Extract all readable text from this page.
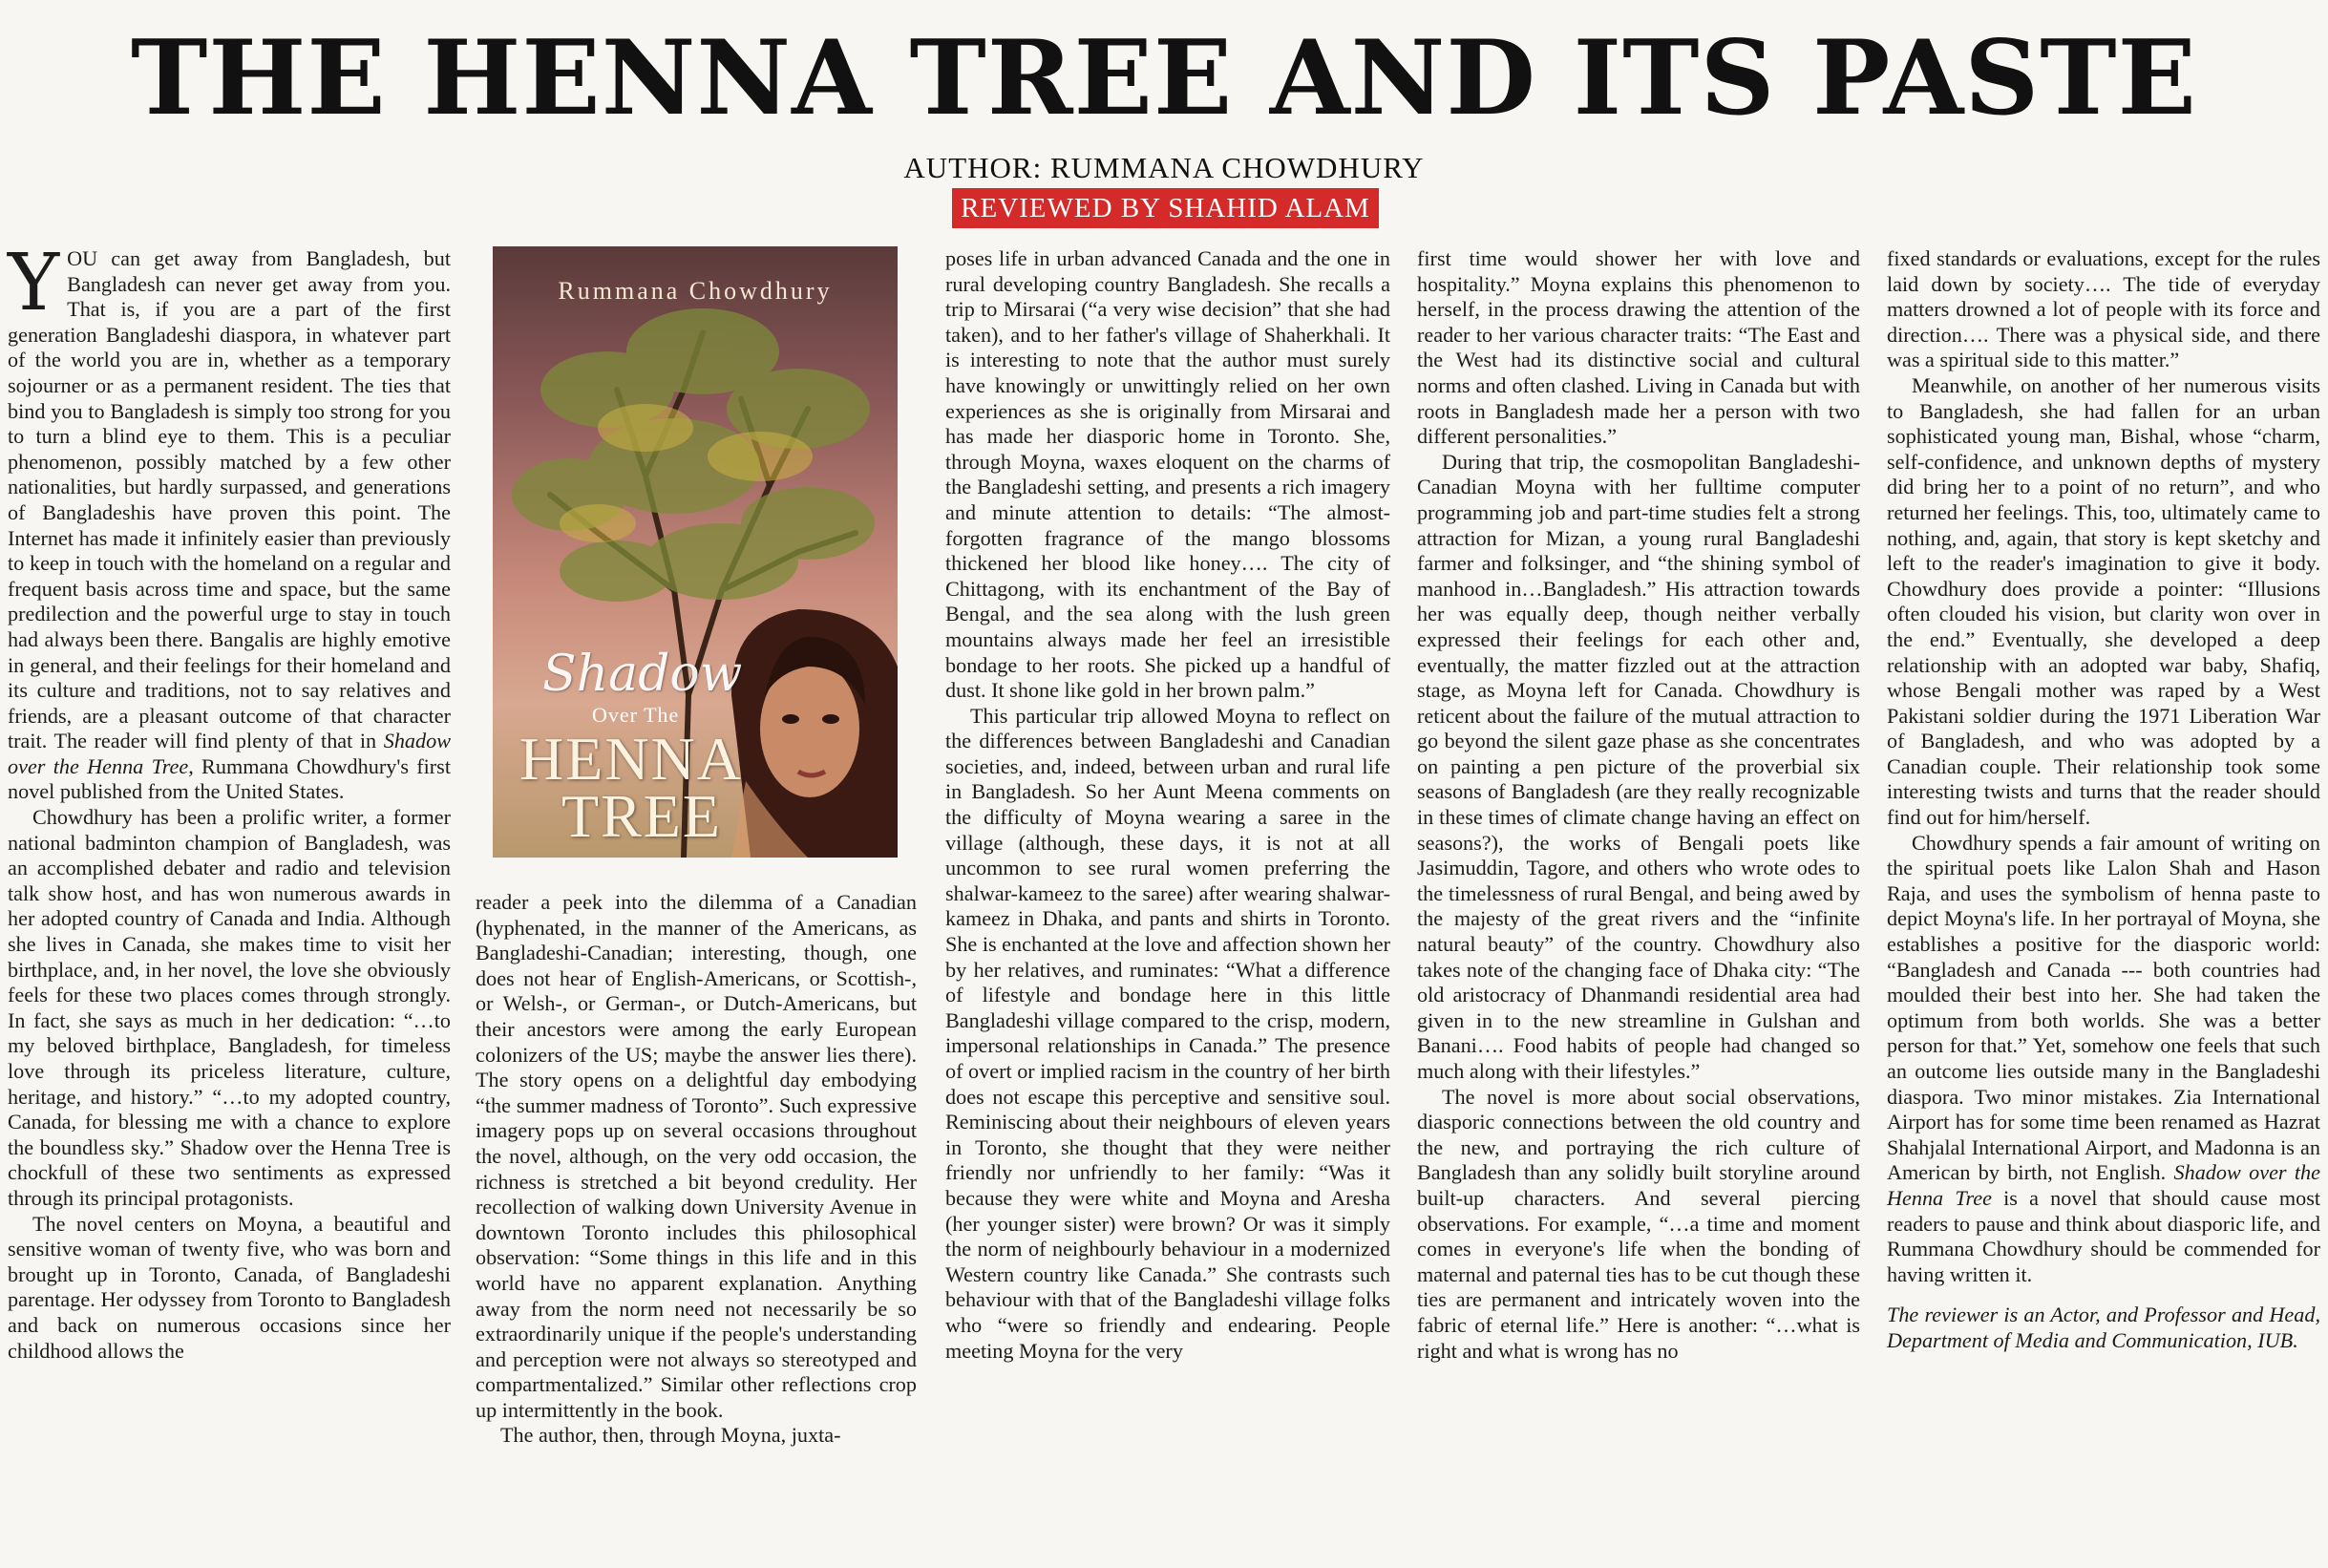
THE HENNA TREE AND ITS PASTE
AUTHOR: RUMMANA CHOWDHURY
REVIEWED BY SHAHID ALAM

YOU can get away from Bangladesh, but Bangladesh can never get away from you. That is, if you are a part of the first generation Bangladeshi diaspora, in whatever part of the world you are in, whether as a temporary sojourner or as a permanent resident. The ties that bind you to Bangladesh is simply too strong for you to turn a blind eye to them. This is a peculiar phenomenon, possibly matched by a few other nationalities, but hardly surpassed, and generations of Bangladeshis have proven this point. The Internet has made it infinitely easier than previously to keep in touch with the homeland on a regular and frequent basis across time and space, but the same predilection and the powerful urge to stay in touch had always been there. Bangalis are highly emotive in general, and their feelings for their homeland and its culture and traditions, not to say relatives and friends, are a pleasant outcome of that character trait. The reader will find plenty of that in Shadow over the Henna Tree, Rummana Chowdhury's first novel published from the United States.

Chowdhury has been a prolific writer, a former national badminton champion of Bangladesh, was an accomplished debater and radio and television talk show host, and has won numerous awards in her adopted country of Canada and India. Although she lives in Canada, she makes time to visit her birthplace, and, in her novel, the love she obviously feels for these two places comes through strongly. In fact, she says as much in her dedication: “…to my beloved birthplace, Bangladesh, for timeless love through its priceless literature, culture, heritage, and history.” “…to my adopted country, Canada, for blessing me with a chance to explore the boundless sky.” Shadow over the Henna Tree is chockfull of these two sentiments as expressed through its principal protagonists.

The novel centers on Moyna, a beautiful and sensitive woman of twenty five, who was born and brought up in Toronto, Canada, of Bangladeshi parentage. Her odyssey from Toronto to Bangladesh and back on numerous occasions since her childhood allows the

Rummana Chowdhury
Shadow
Over The
HENNA
TREE

reader a peek into the dilemma of a Canadian (hyphenated, in the manner of the Americans, as Bangladeshi-Canadian; interesting, though, one does not hear of English-Americans, or Scottish-, or Welsh-, or German-, or Dutch-Americans, but their ancestors were among the early European colonizers of the US; maybe the answer lies there). The story opens on a delightful day embodying “the summer madness of Toronto”. Such expressive imagery pops up on several occasions throughout the novel, although, on the very odd occasion, the richness is stretched a bit beyond credulity. Her recollection of walking down University Avenue in downtown Toronto includes this philosophical observation: “Some things in this life and in this world have no apparent explanation. Anything away from the norm need not necessarily be so extraordinarily unique if the people's understanding and perception were not always so stereotyped and compartmentalized.” Similar other reflections crop up intermittently in the book.

The author, then, through Moyna, juxta-

poses life in urban advanced Canada and the one in rural developing country Bangladesh. She recalls a trip to Mirsarai (“a very wise decision” that she had taken), and to her father's village of Shaherkhali. It is interesting to note that the author must surely have knowingly or unwittingly relied on her own experiences as she is originally from Mirsarai and has made her diasporic home in Toronto. She, through Moyna, waxes eloquent on the charms of the Bangladeshi setting, and presents a rich imagery and minute attention to details: “The almost-forgotten fragrance of the mango blossoms thickened her blood like honey…. The city of Chittagong, with its enchantment of the Bay of Bengal, and the sea along with the lush green mountains always made her feel an irresistible bondage to her roots. She picked up a handful of dust. It shone like gold in her brown palm.”

This particular trip allowed Moyna to reflect on the differences between Bangladeshi and Canadian societies, and, indeed, between urban and rural life in Bangladesh. So her Aunt Meena comments on the difficulty of Moyna wearing a saree in the village (although, these days, it is not at all uncommon to see rural women preferring the shalwar-kameez to the saree) after wearing shalwar-kameez in Dhaka, and pants and shirts in Toronto. She is enchanted at the love and affection shown her by her relatives, and ruminates: “What a difference of lifestyle and bondage here in this little Bangladeshi village compared to the crisp, modern, impersonal relationships in Canada.” The presence of overt or implied racism in the country of her birth does not escape this perceptive and sensitive soul. Reminiscing about their neighbours of eleven years in Toronto, she thought that they were neither friendly nor unfriendly to her family: “Was it because they were white and Moyna and Aresha (her younger sister) were brown? Or was it simply the norm of neighbourly behaviour in a modernized Western country like Canada.” She contrasts such behaviour with that of the Bangladeshi village folks who “were so friendly and endearing. People meeting Moyna for the very

first time would shower her with love and hospitality.” Moyna explains this phenomenon to herself, in the process drawing the attention of the reader to her various character traits: “The East and the West had its distinctive social and cultural norms and often clashed. Living in Canada but with roots in Bangladesh made her a person with two different personalities.”

During that trip, the cosmopolitan Bangladeshi-Canadian Moyna with her fulltime computer programming job and part-time studies felt a strong attraction for Mizan, a young rural Bangladeshi farmer and folksinger, and “the shining symbol of manhood in…Bangladesh.” His attraction towards her was equally deep, though neither verbally expressed their feelings for each other and, eventually, the matter fizzled out at the attraction stage, as Moyna left for Canada. Chowdhury is reticent about the failure of the mutual attraction to go beyond the silent gaze phase as she concentrates on painting a pen picture of the proverbial six seasons of Bangladesh (are they really recognizable in these times of climate change having an effect on seasons?), the works of Bengali poets like Jasimuddin, Tagore, and others who wrote odes to the timelessness of rural Bengal, and being awed by the majesty of the great rivers and the “infinite natural beauty” of the country. Chowdhury also takes note of the changing face of Dhaka city: “The old aristocracy of Dhanmandi residential area had given in to the new streamline in Gulshan and Banani…. Food habits of people had changed so much along with their lifestyles.”

The novel is more about social observations, diasporic connections between the old country and the new, and portraying the rich culture of Bangladesh than any solidly built storyline around built-up characters. And several piercing observations. For example, “…a time and moment comes in everyone's life when the bonding of maternal and paternal ties has to be cut though these ties are permanent and intricately woven into the fabric of eternal life.” Here is another: “…what is right and what is wrong has no

fixed standards or evaluations, except for the rules laid down by society…. The tide of everyday matters drowned a lot of people with its force and direction…. There was a physical side, and there was a spiritual side to this matter.”

Meanwhile, on another of her numerous visits to Bangladesh, she had fallen for an urban sophisticated young man, Bishal, whose “charm, self-confidence, and unknown depths of mystery did bring her to a point of no return”, and who returned her feelings. This, too, ultimately came to nothing, and, again, that story is kept sketchy and left to the reader's imagination to give it body. Chowdhury does provide a pointer: “Illusions often clouded his vision, but clarity won over in the end.” Eventually, she developed a deep relationship with an adopted war baby, Shafiq, whose Bengali mother was raped by a West Pakistani soldier during the 1971 Liberation War of Bangladesh, and who was adopted by a Canadian couple. Their relationship took some interesting twists and turns that the reader should find out for him/herself.

Chowdhury spends a fair amount of writing on the spiritual poets like Lalon Shah and Hason Raja, and uses the symbolism of henna paste to depict Moyna's life. In her portrayal of Moyna, she establishes a positive for the diasporic world: “Bangladesh and Canada --- both countries had moulded their best into her. She had taken the optimum from both worlds. She was a better person for that.” Yet, somehow one feels that such an outcome lies outside many in the Bangladeshi diaspora. Two minor mistakes. Zia International Airport has for some time been renamed as Hazrat Shahjalal International Airport, and Madonna is an American by birth, not English. Shadow over the Henna Tree is a novel that should cause most readers to pause and think about diasporic life, and Rummana Chowdhury should be commended for having written it.

The reviewer is an Actor, and Professor and Head, Department of Media and Communication, IUB.
